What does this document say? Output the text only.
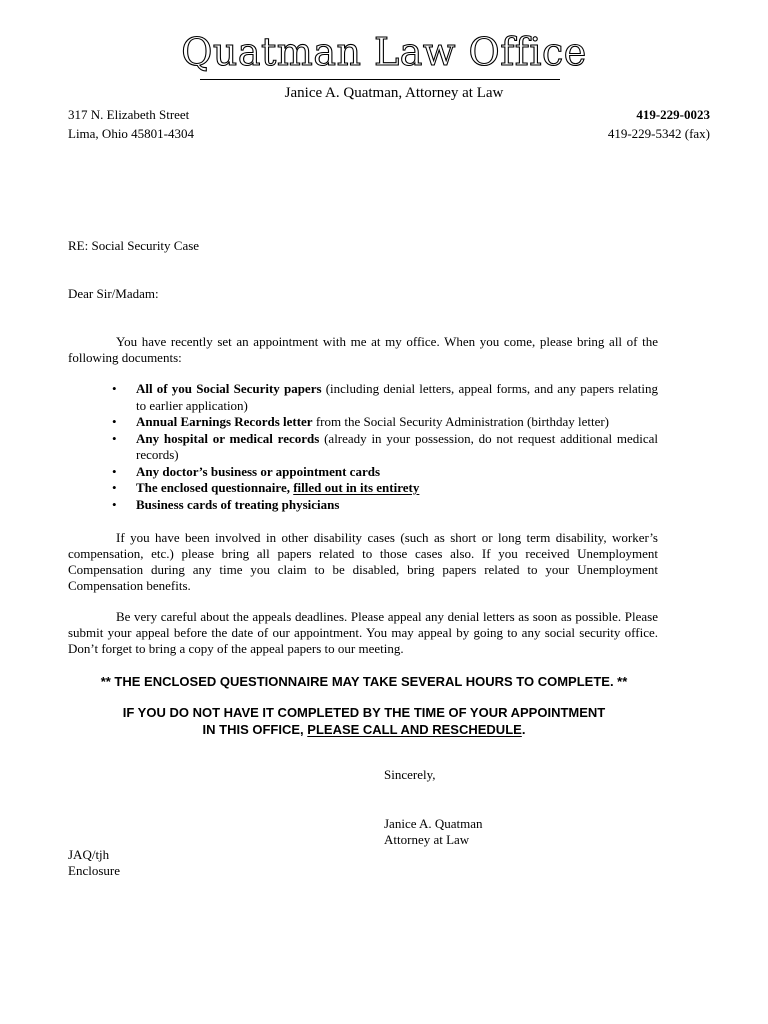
Quatman Law Office
Janice A. Quatman, Attorney at Law
317 N. Elizabeth Street
Lima, Ohio 45801-4304
419-229-0023
419-229-5342 (fax)
RE: Social Security Case
Dear Sir/Madam:
You have recently set an appointment with me at my office. When you come, please bring all of the following documents:
• All of you Social Security papers (including denial letters, appeal forms, and any papers relating to earlier application)
• Annual Earnings Records letter from the Social Security Administration (birthday letter)
• Any hospital or medical records (already in your possession, do not request additional medical records)
• Any doctor’s business or appointment cards
• The enclosed questionnaire, filled out in its entirety
• Business cards of treating physicians
If you have been involved in other disability cases (such as short or long term disability, worker’s compensation, etc.) please bring all papers related to those cases also. If you received Unemployment Compensation during any time you claim to be disabled, bring papers related to your Unemployment Compensation benefits.
Be very careful about the appeals deadlines. Please appeal any denial letters as soon as possible. Please submit your appeal before the date of our appointment. You may appeal by going to any social security office. Don’t forget to bring a copy of the appeal papers to our meeting.
** THE ENCLOSED QUESTIONNAIRE MAY TAKE SEVERAL HOURS TO COMPLETE. **
IF YOU DO NOT HAVE IT COMPLETED BY THE TIME OF YOUR APPOINTMENT
IN THIS OFFICE, PLEASE CALL AND RESCHEDULE.
Sincerely,
Janice A. Quatman
Attorney at Law
JAQ/tjh
Enclosure
